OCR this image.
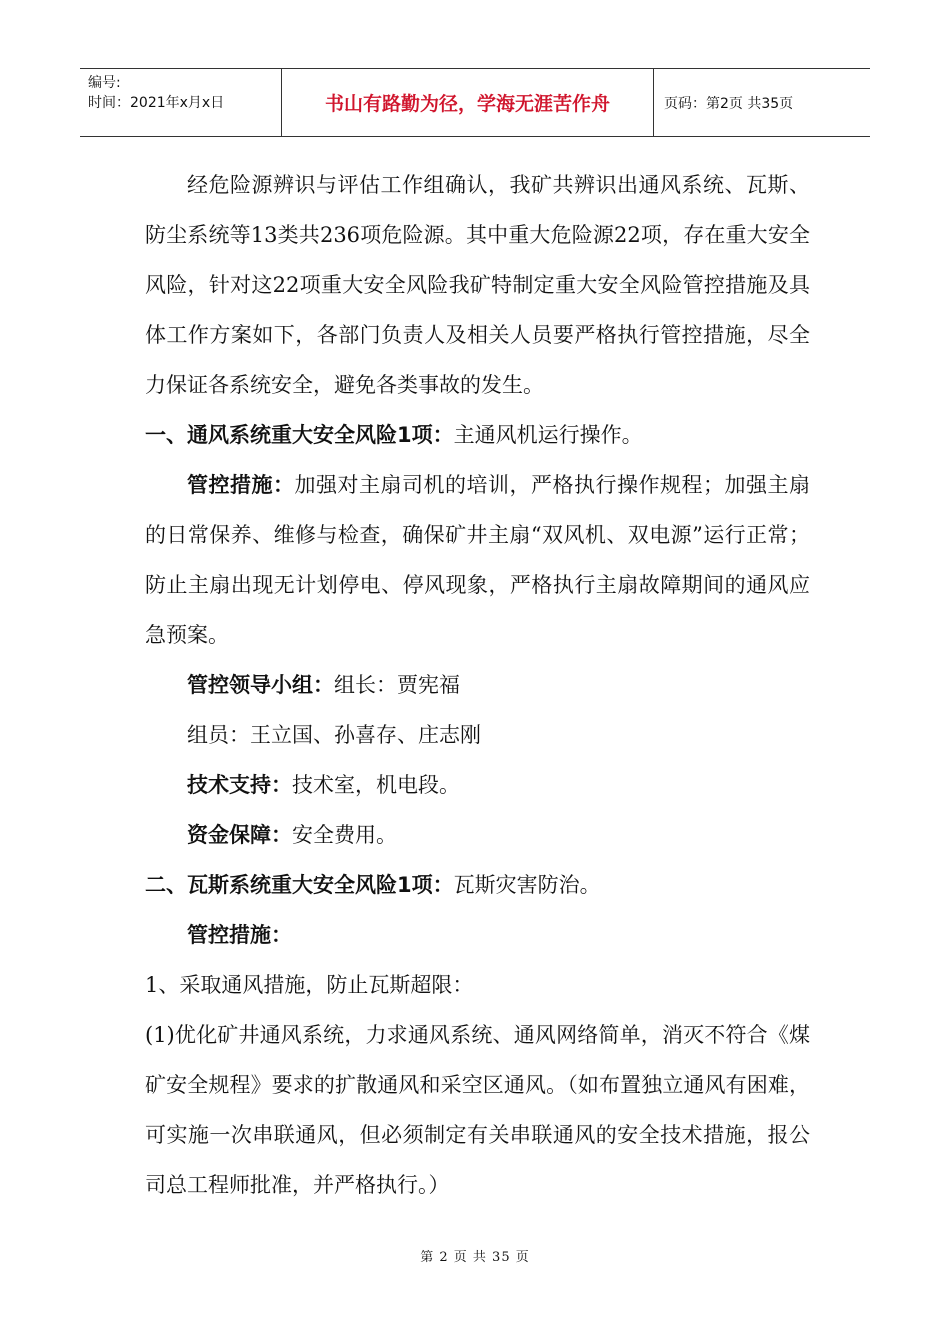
编号:
时间：2021年x月x日	书山有路勤为径，学海无涯苦作舟	页码：第2页 共35页

经危险源辨识与评估工作组确认，我矿共辨识出通风系统、瓦斯、防尘系统等13类共236项危险源。其中重大危险源22项，存在重大安全风险，针对这22项重大安全风险我矿特制定重大安全风险管控措施及具体工作方案如下，各部门负责人及相关人员要严格执行管控措施，尽全力保证各系统安全，避免各类事故的发生。

一、通风系统重大安全风险1项：主通风机运行操作。

管控措施：加强对主扇司机的培训，严格执行操作规程；加强主扇的日常保养、维修与检查，确保矿井主扇“双风机、双电源”运行正常；防止主扇出现无计划停电、停风现象，严格执行主扇故障期间的通风应急预案。

管控领导小组：组长：贾宪福

组员：王立国、孙喜存、庄志刚

技术支持：技术室，机电段。

资金保障：安全费用。

二、瓦斯系统重大安全风险1项：瓦斯灾害防治。

管控措施：

1、采取通风措施，防止瓦斯超限：

(1)优化矿井通风系统，力求通风系统、通风网络简单，消灭不符合《煤矿安全规程》要求的扩散通风和采空区通风。（如布置独立通风有困难，可实施一次串联通风，但必须制定有关串联通风的安全技术措施，报公司总工程师批准，并严格执行。）

第 2 页 共 35 页
